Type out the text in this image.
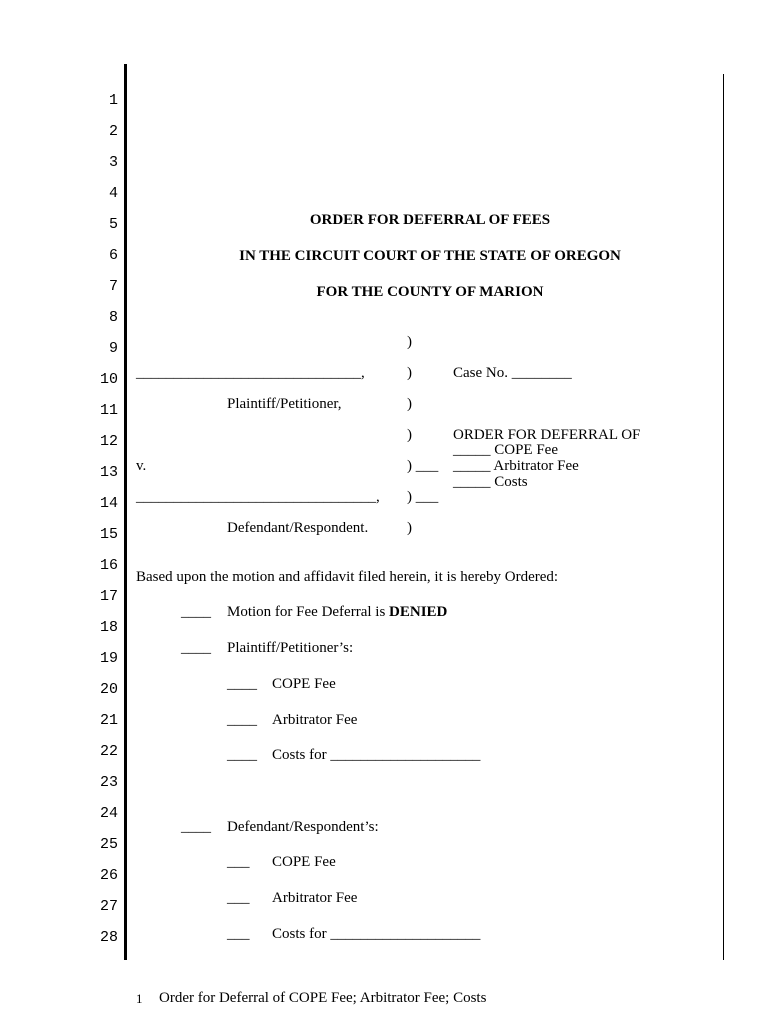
1
2
3
4
5
6
7
8
9
10
11
12
13
14
15
16
17
18
19
20
21
22
23
24
25
26
27
28
ORDER FOR DEFERRAL OF FEES
IN THE CIRCUIT COURT OF THE STATE OF OREGON
FOR THE COUNTY OF MARION
)
)
)
)
) ___
) ___
)
______________________________,
Plaintiff/Petitioner,
v.
________________________________,
Defendant/Respondent.
Case No. ________
ORDER FOR DEFERRAL OF
_____ COPE Fee
_____ Arbitrator Fee
_____ Costs
Based upon the motion and affidavit filed herein, it is hereby Ordered:
____ Motion for Fee Deferral is DENIED
____ Plaintiff/Petitioner’s:
____ COPE Fee
____ Arbitrator Fee
____ Costs for ____________________
____ Defendant/Respondent’s:
___ COPE Fee
___ Arbitrator Fee
___ Costs for ____________________
1 Order for Deferral of COPE Fee; Arbitrator Fee; Costs
